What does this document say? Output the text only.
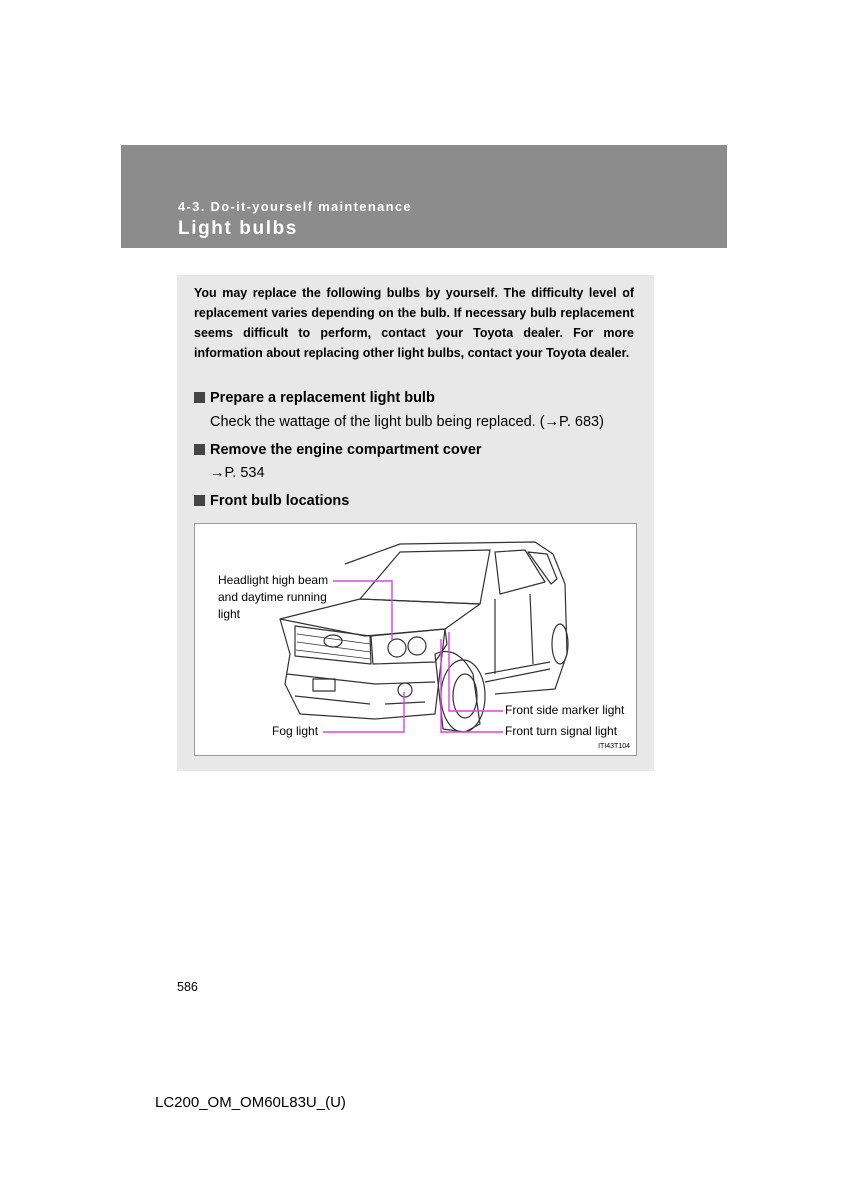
4-3. Do-it-yourself maintenance
Light bulbs

You may replace the following bulbs by yourself. The difficulty level of replacement varies depending on the bulb. If necessary bulb replacement seems difficult to perform, contact your Toyota dealer. For more information about replacing other light bulbs, contact your Toyota dealer.

Prepare a replacement light bulb

Check the wattage of the light bulb being replaced. (→P. 683)

Remove the engine compartment cover

→P. 534

Front bulb locations
Headlight high beam and daytime running light
Fog light
Front side marker light
Front turn signal light
ITI43T104
586
LC200_OM_OM60L83U_(U)
